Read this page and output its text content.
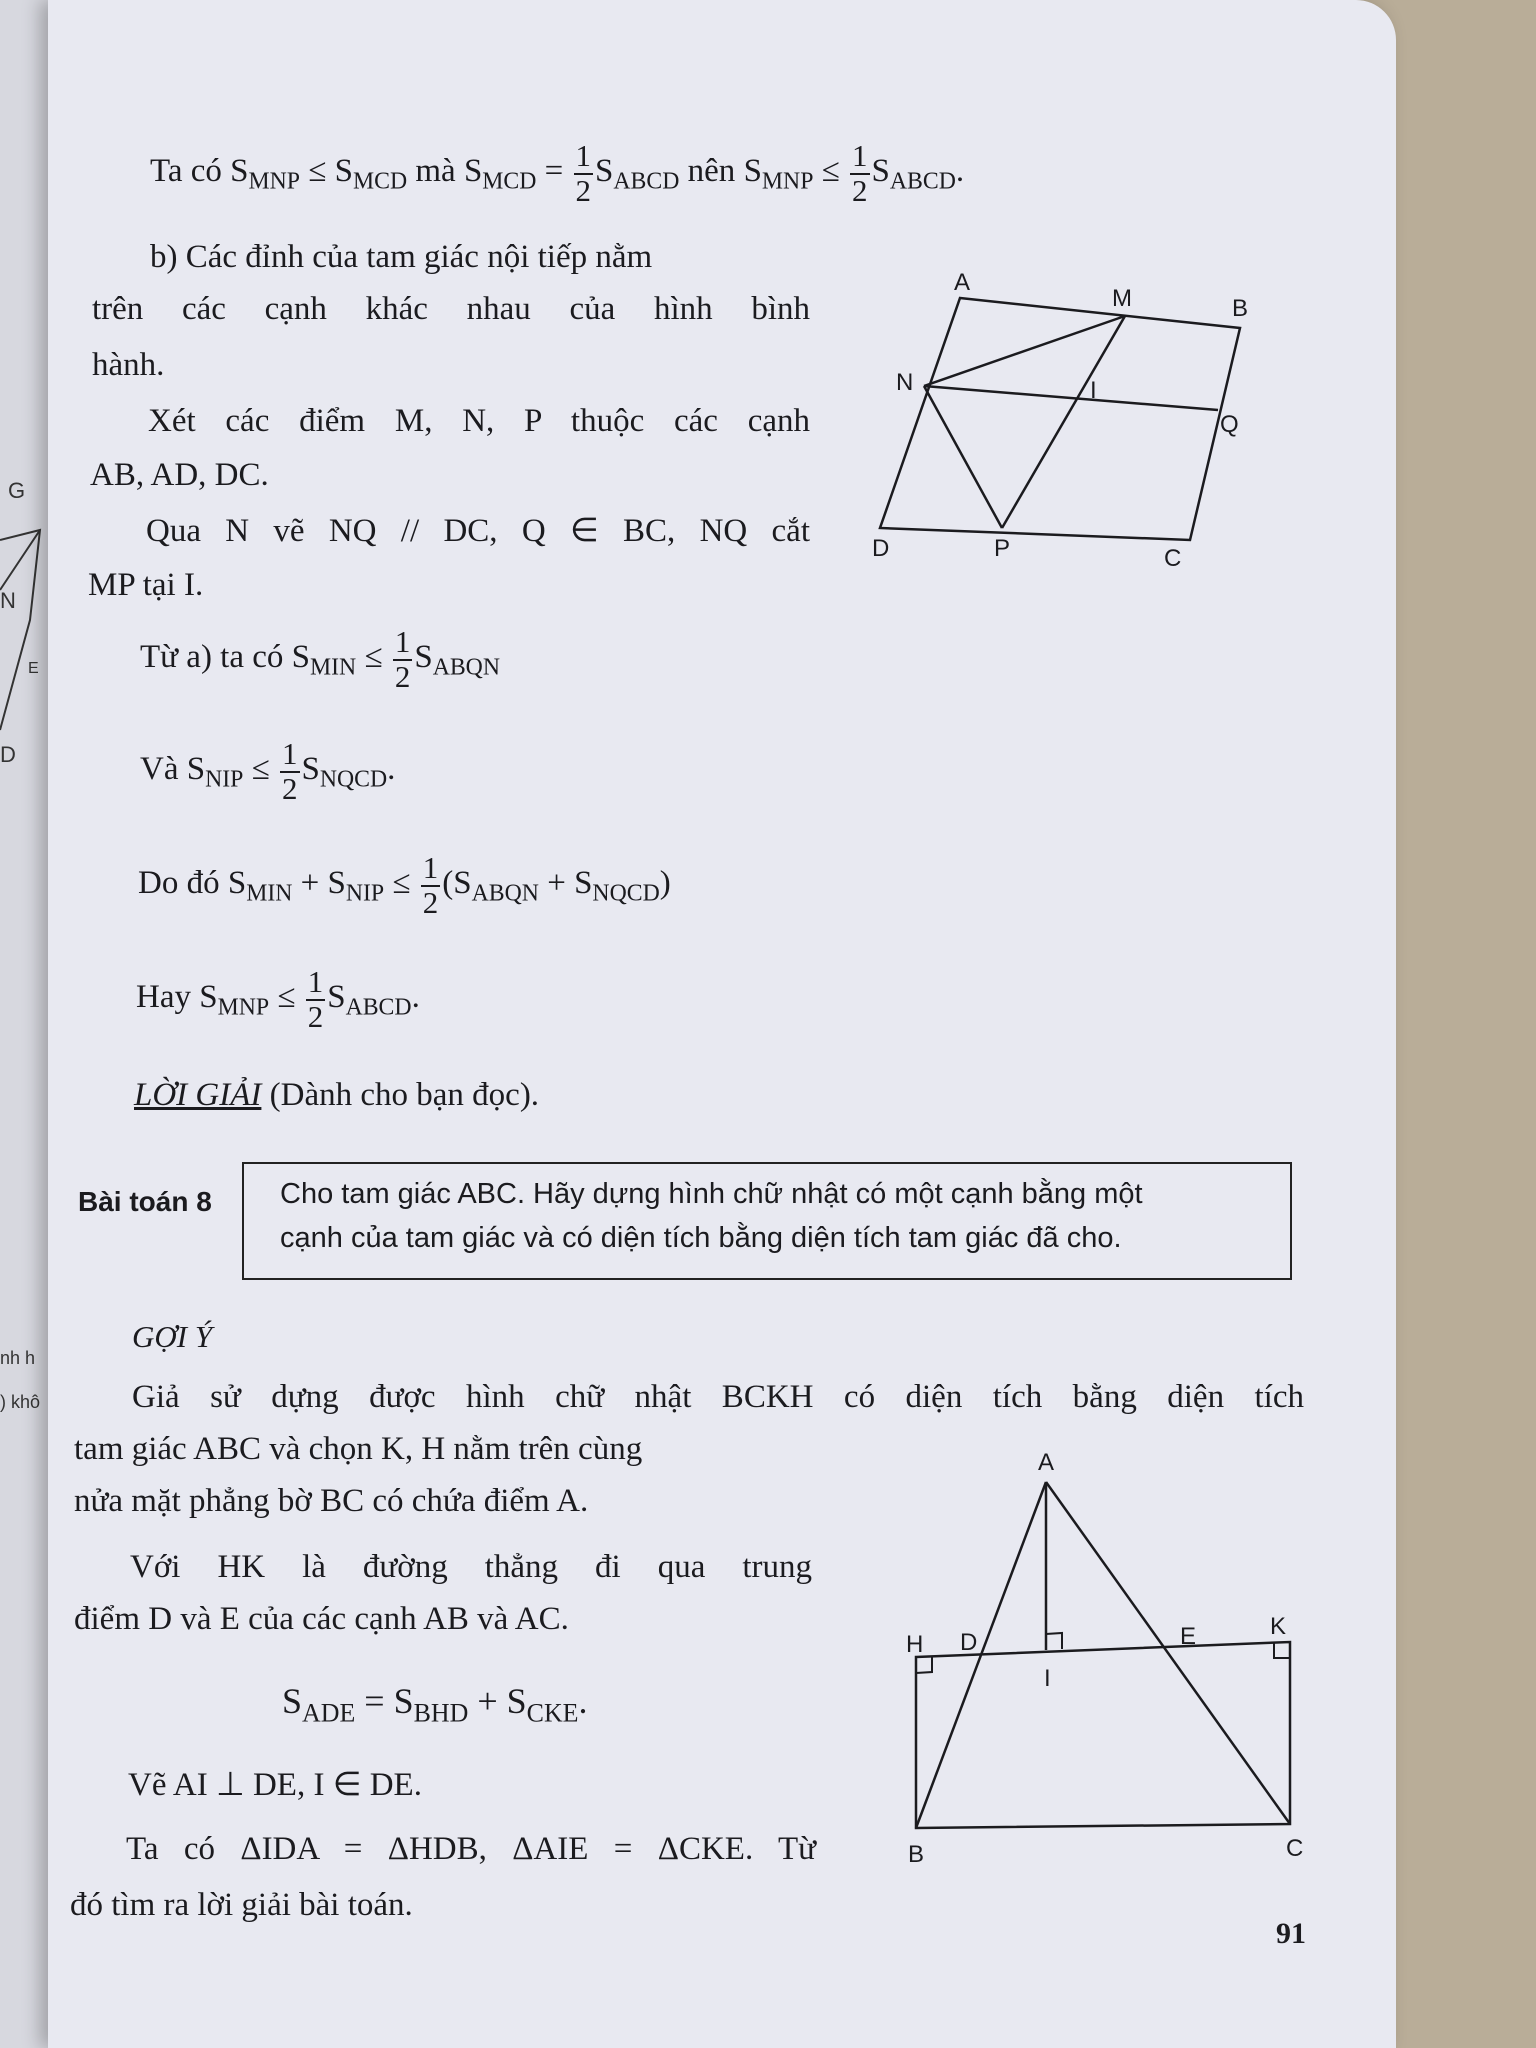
G
N
E
D
nh h
) khô
Ta có $S_{MNP} \le S_{MCD}$ mà $S_{MCD} = \frac{1}{2} S_{ABCD}$ nên $S_{MNP} \le \frac{1}{2} S_{ABCD}$.
b) Các đỉnh của tam giác nội tiếp nằm
trên các cạnh khác nhau của hình bình
hành.
Xét các điểm M, N, P thuộc các cạnh
AB, AD, DC.
Qua N vẽ NQ // DC, Q ∈ BC, NQ cắt
MP tại I.
A
M	B
N	I
Q
D	P	C
Từ a) ta có $S_{MIN} \le \frac{1}{2} S_{ABQN}$
Và $S_{NIP} \le \frac{1}{2} S_{NQCD}$.
Do đó $S_{MIN} + S_{NIP} \le \frac{1}{2} (S_{ABQN} + S_{NQCD})$
Hay $S_{MNP} \le \frac{1}{2} S_{ABCD}$.
LỜI GIẢI (Dành cho bạn đọc).
Bài toán 8 Cho tam giác ABC. Hãy dựng hình chữ nhật có một cạnh bằng một
cạnh của tam giác và có diện tích bằng diện tích tam giác đã cho.
GỢI Ý
Giả sử dựng được hình chữ nhật BCKH có diện tích bằng diện tích
tam giác ABC và chọn K, H nằm trên cùng
nửa mặt phẳng bờ BC có chứa điểm A.
Với HK là đường thẳng đi qua trung
điểm D và E của các cạnh AB và AC.
$S_{ADE} = S_{BHD} + S_{CKE}$.
Vẽ AI ⊥ DE, I ∈ DE.
Ta có ΔIDA = ΔHDB, ΔAIE = ΔCKE. Từ
đó tìm ra lời giải bài toán.
A
H D	E	K
I
B	C
91
